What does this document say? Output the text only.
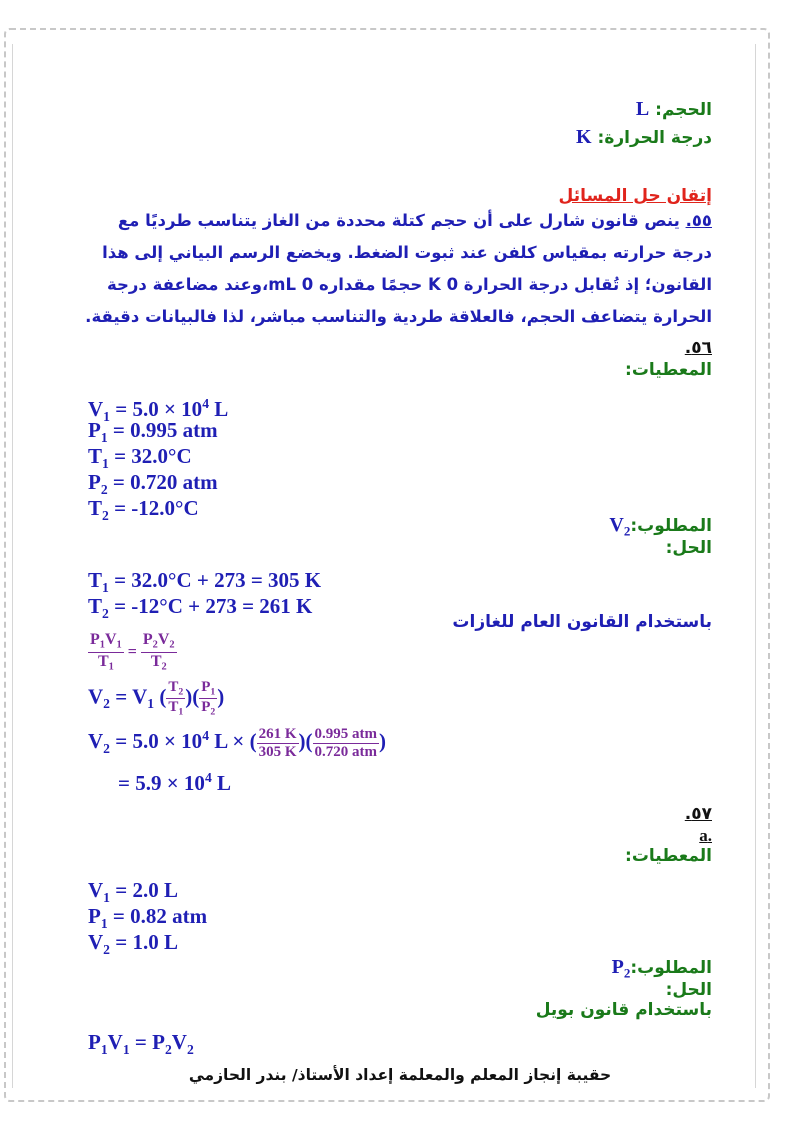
الحجم: L
درجة الحرارة: K
إتقان حل المسائل
٥٥. ينص قانون شارل على أن حجم كتلة محددة من الغاز يتناسب طرديًا مع درجة حرارته بمقياس كلفن عند ثبوت الضغط. ويخضع الرسم البياني إلى هذا القانون؛ إذ تُقابل درجة الحرارة 0 K حجمًا مقداره 0 mL،وعند مضاعفة درجة الحرارة يتضاعف الحجم، فالعلاقة طردية والتناسب مباشر، لذا فالبيانات دقيقة.
٥٦.
المعطيات:
$V_1 = 5.0 \times 10^4$ L
$P_1 = 0.995$ atm
$T_1 = 32.0^\circ C$
$P_2 = 0.720$ atm
$T_2 = -12.0^\circ C$
$المطلوب:V_2$
الحل:
$T_1 = 32.0^\circ C + 273 = 305$ K
$T_2 = -12^\circ C + 273 = 261$ K
باستخدام القانون العام للغازات
$\frac{P_1V_1}{T_1} = \frac{P_2V_2}{T_2}$
$V_2 = V_1$ ( $\frac{T_2}{T_1}$ )( $\frac{P_1}{P_2}$ )
$V_2 = 5.0 \times 10^4$ L × ( $\frac{261 K}{305 K}$ )( $\frac{\text{0.995 atm}}{\text{0.720 atm}}$ )
= $5.9 \times 10^4$ L
٥٧.
.a
المعطيات:
$V_1 = 2.0$ L
$P_1 = 0.82$ atm
$V_2 = 1.0$ L
$المطلوب:P_2$
الحل:
باستخدام قانون بويل
$P_1V_1 = P_2V_2$
حقيبة إنجاز المعلم والمعلمة إعداد الأستاذ/ بندر الحازمي
